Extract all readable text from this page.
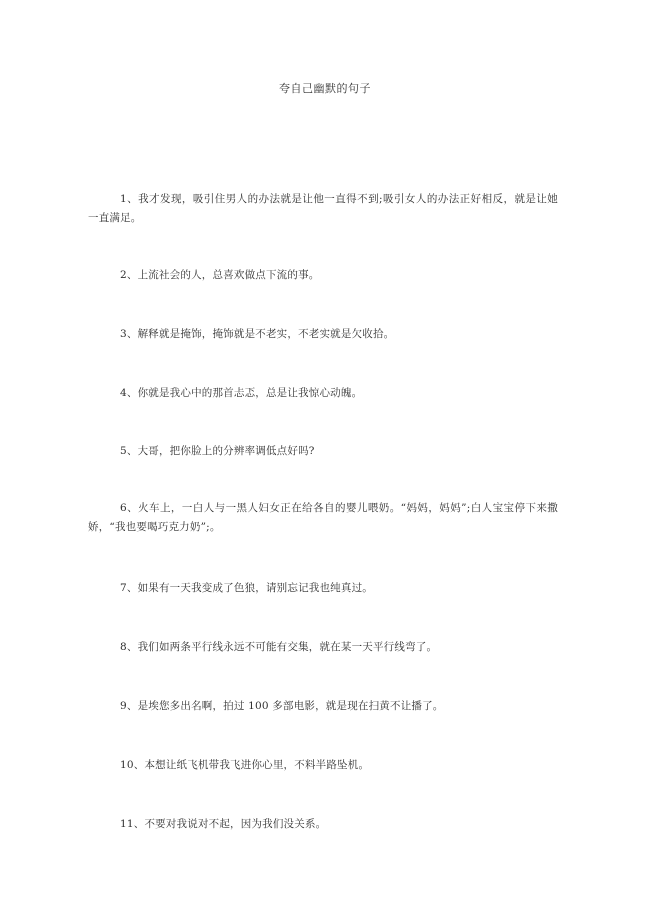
夸自己幽默的句子

1、我才发现，吸引住男人的办法就是让他一直得不到;吸引女人的办法正好相反，就是让她一直满足。

2、上流社会的人，总喜欢做点下流的事。

3、解释就是掩饰，掩饰就是不老实，不老实就是欠收拾。

4、你就是我心中的那首忐忑，总是让我惊心动魄。

5、大哥，把你脸上的分辨率调低点好吗?

6、火车上，一白人与一黑人妇女正在给各自的婴儿喂奶。“妈妈，妈妈”;白人宝宝停下来撒娇，“我也要喝巧克力奶”;。

7、如果有一天我变成了色狼，请别忘记我也纯真过。

8、我们如两条平行线永远不可能有交集，就在某一天平行线弯了。

9、是埃您多出名啊，拍过 100 多部电影，就是现在扫黄不让播了。

10、本想让纸飞机带我飞进你心里，不料半路坠机。

11、不要对我说对不起，因为我们没关系。
